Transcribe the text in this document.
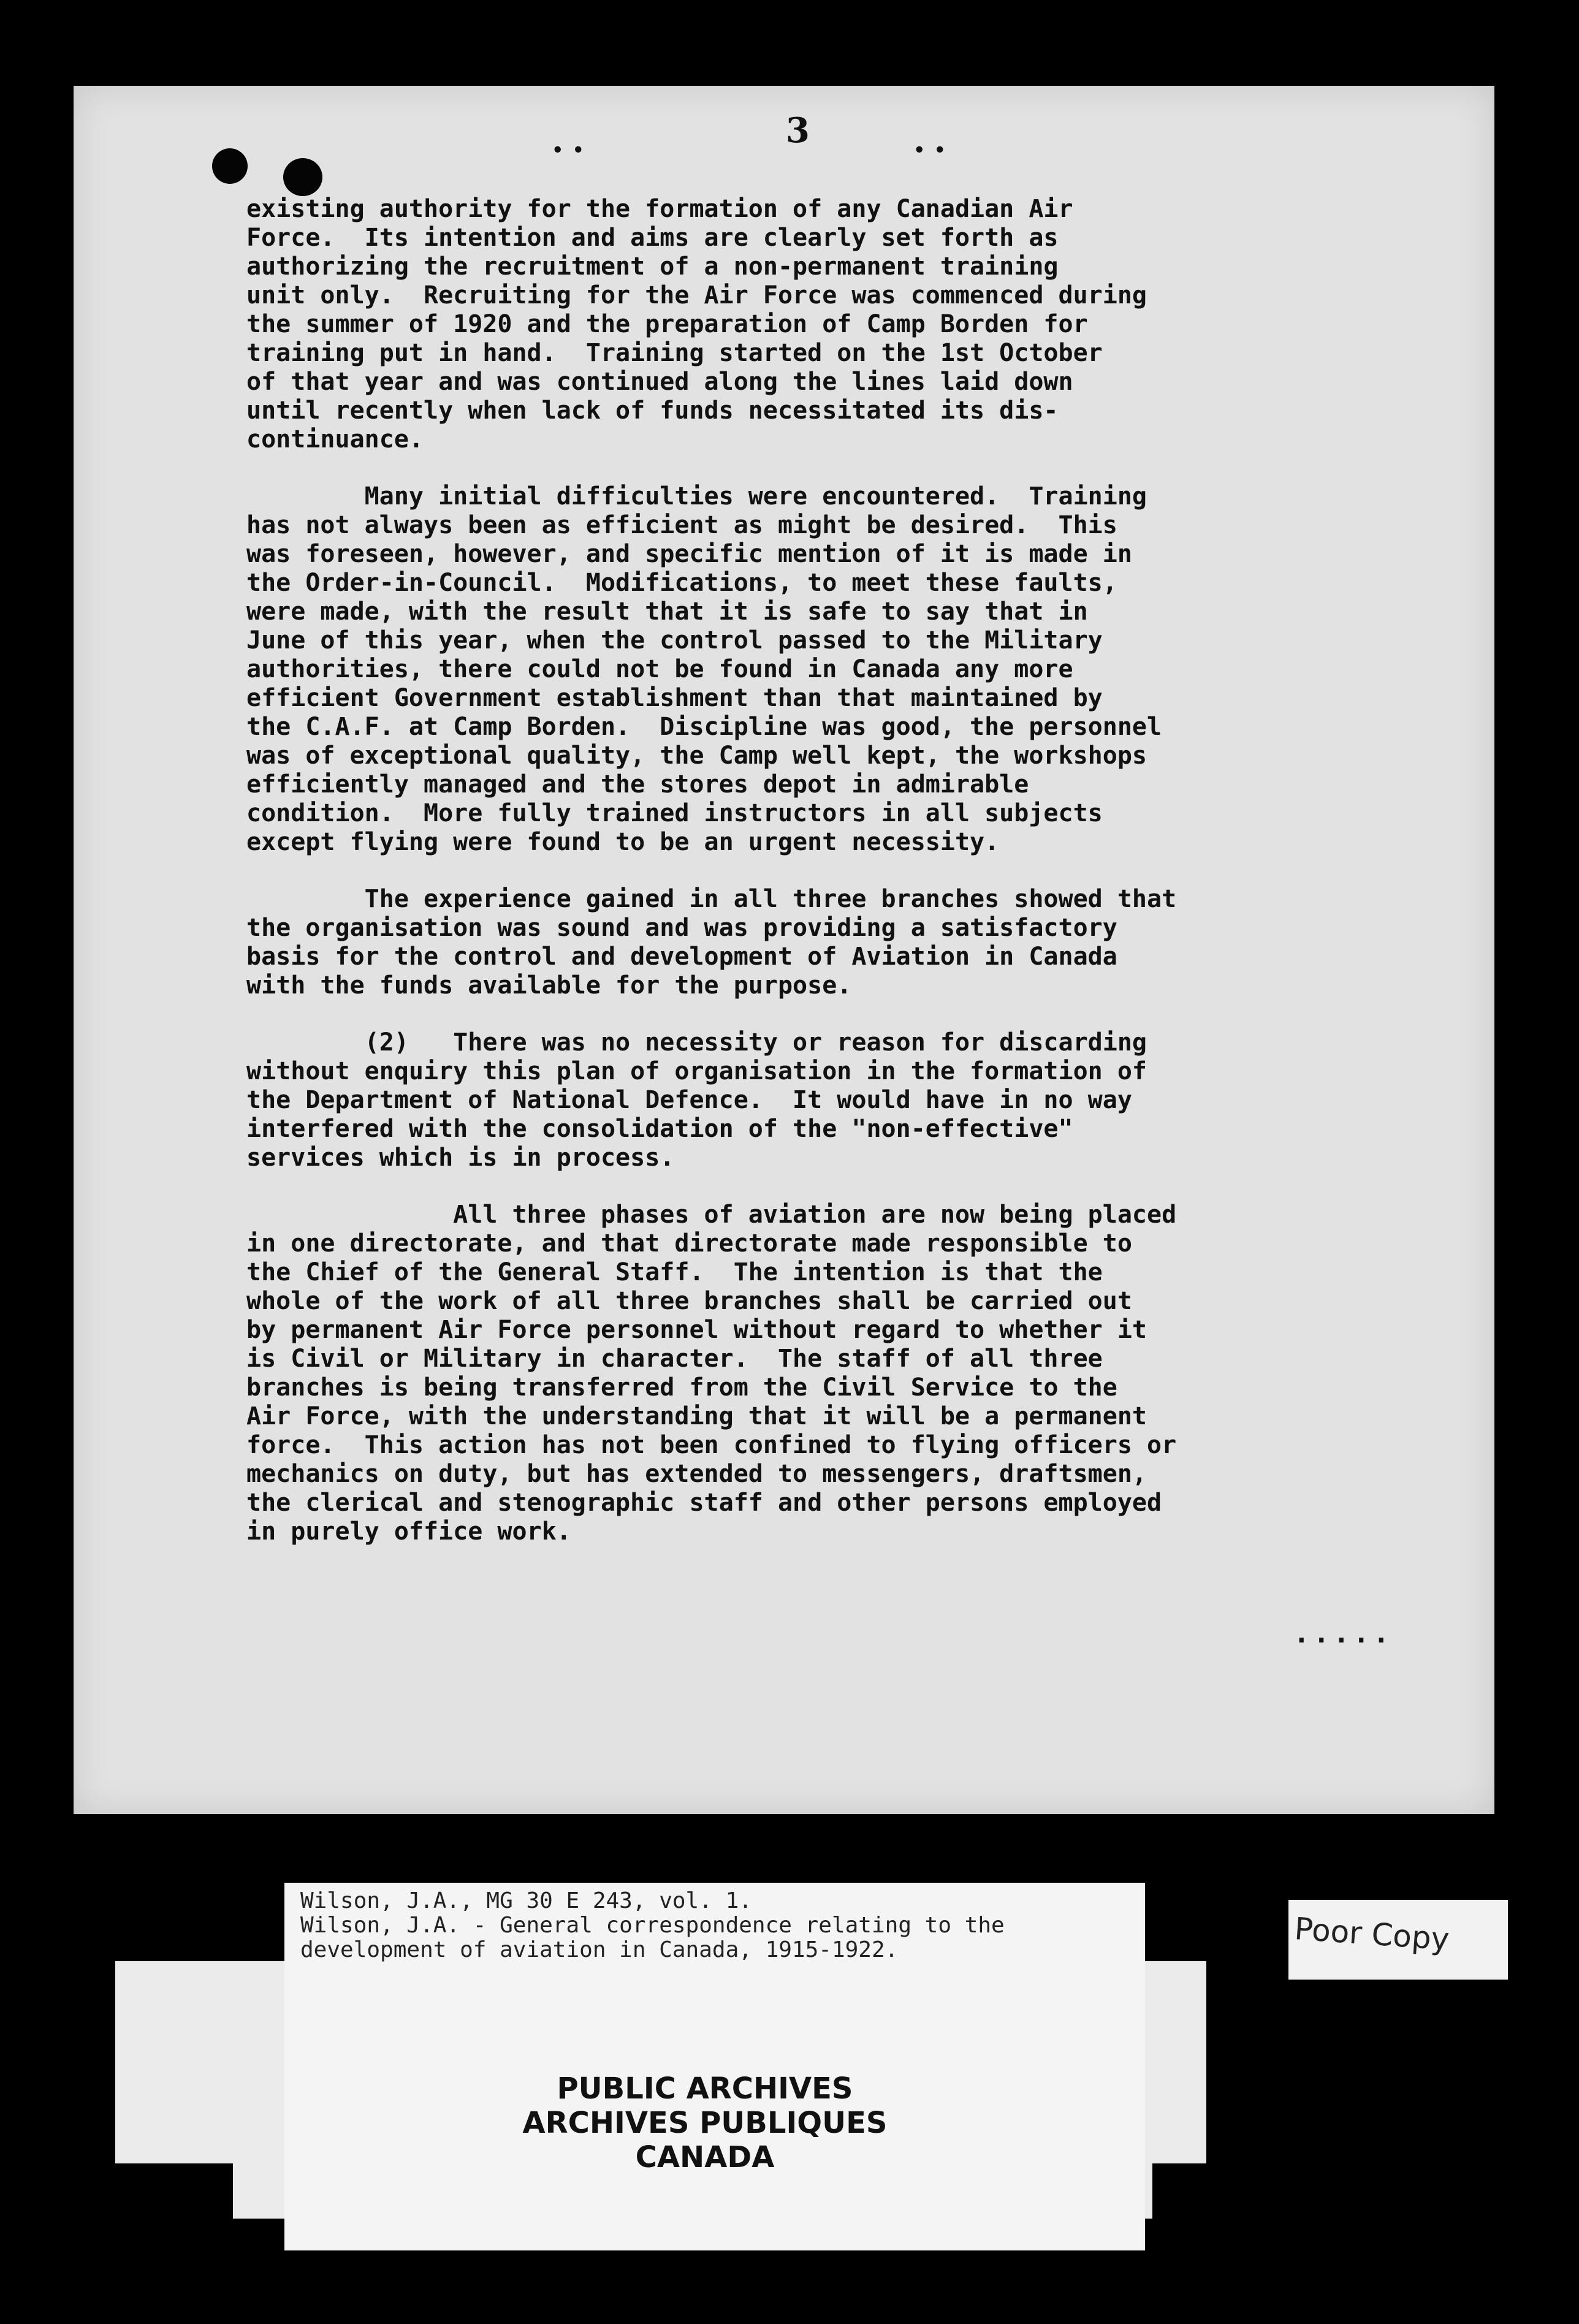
..	3	..

existing authority for the formation of any Canadian Air
Force.  Its intention and aims are clearly set forth as
authorizing the recruitment of a non-permanent training
unit only.  Recruiting for the Air Force was commenced during
the summer of 1920 and the preparation of Camp Borden for
training put in hand.  Training started on the 1st October
of that year and was continued along the lines laid down
until recently when lack of funds necessitated its dis-
continuance.

Many initial difficulties were encountered.  Training
has not always been as efficient as might be desired.  This
was foreseen, however, and specific mention of it is made in
the Order-in-Council.  Modifications, to meet these faults,
were made, with the result that it is safe to say that in
June of this year, when the control passed to the Military
authorities, there could not be found in Canada any more
efficient Government establishment than that maintained by
the C.A.F. at Camp Borden.  Discipline was good, the personnel
was of exceptional quality, the Camp well kept, the workshops
efficiently managed and the stores depot in admirable
condition.  More fully trained instructors in all subjects
except flying were found to be an urgent necessity.

The experience gained in all three branches showed that
the organisation was sound and was providing a satisfactory
basis for the control and development of Aviation in Canada
with the funds available for the purpose.

(2)   There was no necessity or reason for discarding
without enquiry this plan of organisation in the formation of
the Department of National Defence.  It would have in no way
interfered with the consolidation of the "non-effective"
services which is in process.

All three phases of aviation are now being placed
in one directorate, and that directorate made responsible to
the Chief of the General Staff.  The intention is that the
whole of the work of all three branches shall be carried out
by permanent Air Force personnel without regard to whether it
is Civil or Military in character.  The staff of all three
branches is being transferred from the Civil Service to the
Air Force, with the understanding that it will be a permanent
force.  This action has not been confined to flying officers or
mechanics on duty, but has extended to messengers, draftsmen,
the clerical and stenographic staff and other persons employed
in purely office work.

.....
Wilson, J.A., MG 30 E 243, vol. 1.
Wilson, J.A. - General correspondence relating to the
development of aviation in Canada, 1915-1922.
PUBLIC ARCHIVES
ARCHIVES PUBLIQUES
CANADA
Poor Copy
